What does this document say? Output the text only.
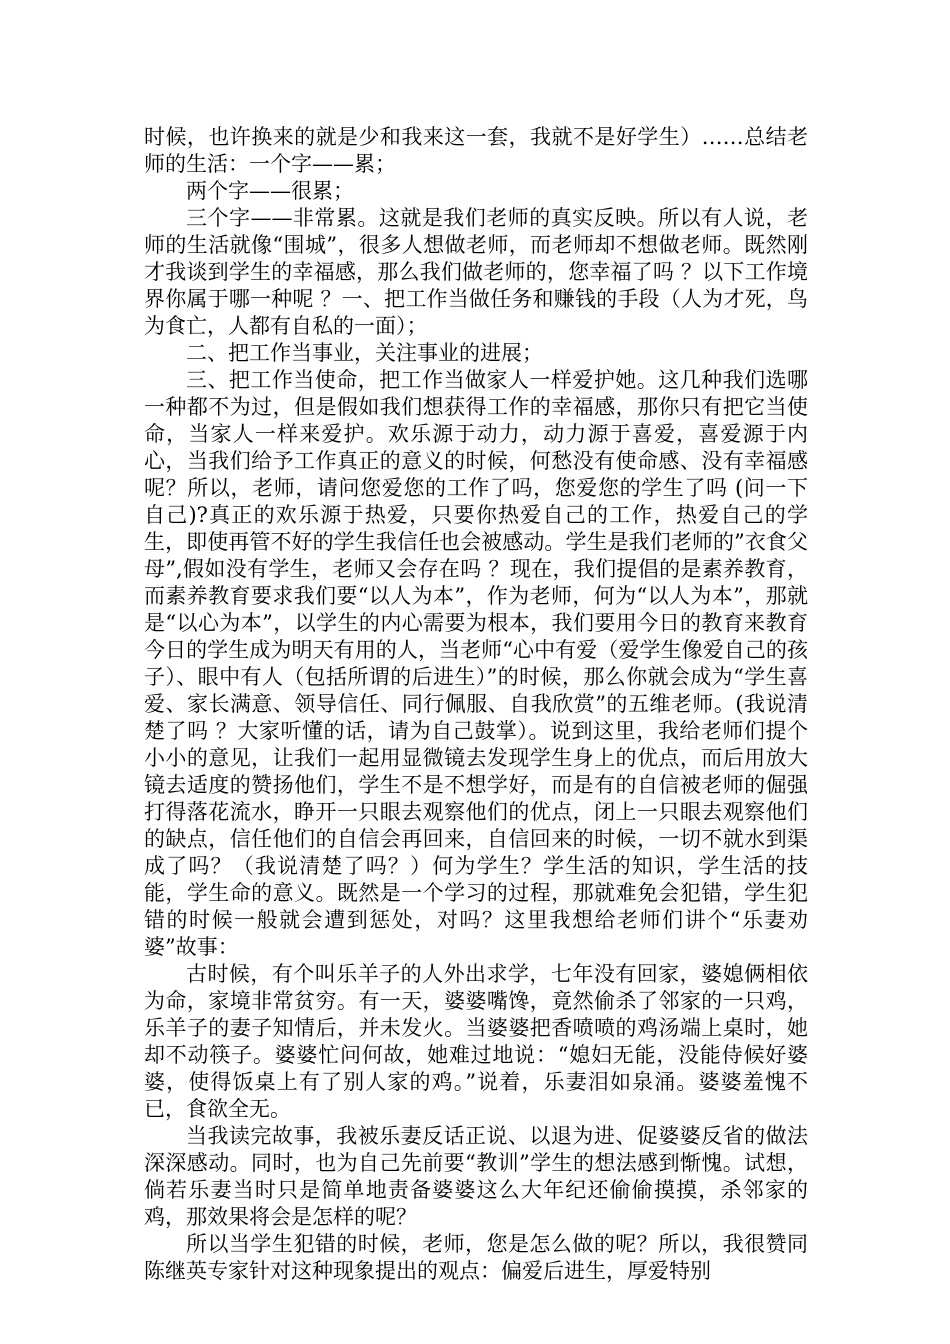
时候，也许换来的就是少和我来这一套，我就不是好学生）……总结老师的生活：一个字——累；

两个字——很累；

三个字——非常累。这就是我们老师的真实反映。所以有人说，老师的生活就像“围城”，很多人想做老师，而老师却不想做老师。既然刚才我谈到学生的幸福感，那么我们做老师的，您幸福了吗 ？以下工作境界你属于哪一种呢 ？一、把工作当做任务和赚钱的手段（人为才死，鸟为食亡，人都有自私的一面）；

二、把工作当事业，关注事业的进展；

三、把工作当使命，把工作当做家人一样爱护她。这几种我们选哪一种都不为过，但是假如我们想获得工作的幸福感，那你只有把它当使命，当家人一样来爱护。欢乐源于动力，动力源于喜爱，喜爱源于内心，当我们给予工作真正的意义的时候，何愁没有使命感、没有幸福感呢？所以，老师，请问您爱您的工作了吗，您爱您的学生了吗 (问一下自己)?真正的欢乐源于热爱，只要你热爱自己的工作，热爱自己的学生，即使再管不好的学生我信任也会被感动。学生是我们老师的”衣食父母”,假如没有学生，老师又会存在吗 ？现在，我们提倡的是素养教育，而素养教育要求我们要“以人为本”，作为老师，何为“以人为本”，那就是“以心为本”，以学生的内心需要为根本，我们要用今日的教育来教育今日的学生成为明天有用的人，当老师“心中有爱（爱学生像爱自己的孩子）、眼中有人（包括所谓的后进生）”的时候，那么你就会成为“学生喜爱、家长满意、领导信任、同行佩服、自我欣赏”的五维老师。(我说清楚了吗 ？大家听懂的话，请为自己鼓掌）。说到这里，我给老师们提个小小的意见，让我们一起用显微镜去发现学生身上的优点，而后用放大镜去适度的赞扬他们，学生不是不想学好，而是有的自信被老师的倔强打得落花流水，睁开一只眼去观察他们的优点，闭上一只眼去观察他们的缺点，信任他们的自信会再回来，自信回来的时候，一切不就水到渠成了吗？（我说清楚了吗？）何为学生？学生活的知识，学生活的技能，学生命的意义。既然是一个学习的过程，那就难免会犯错，学生犯错的时候一般就会遭到惩处，对吗？这里我想给老师们讲个“乐妻劝婆”故事：

古时候，有个叫乐羊子的人外出求学，七年没有回家，婆媳俩相依为命，家境非常贫穷。有一天，婆婆嘴馋，竟然偷杀了邻家的一只鸡，乐羊子的妻子知情后，并未发火。当婆婆把香喷喷的鸡汤端上桌时，她却不动筷子。婆婆忙问何故，她难过地说：“媳妇无能，没能侍候好婆婆，使得饭桌上有了别人家的鸡。”说着，乐妻泪如泉涌。婆婆羞愧不已，食欲全无。

当我读完故事，我被乐妻反话正说、以退为进、促婆婆反省的做法深深感动。同时，也为自己先前要“教训”学生的想法感到惭愧。试想，倘若乐妻当时只是简单地责备婆婆这么大年纪还偷偷摸摸，杀邻家的鸡，那效果将会是怎样的呢？

所以当学生犯错的时候，老师，您是怎么做的呢？所以，我很赞同陈继英专家针对这种现象提出的观点：偏爱后进生，厚爱特别
